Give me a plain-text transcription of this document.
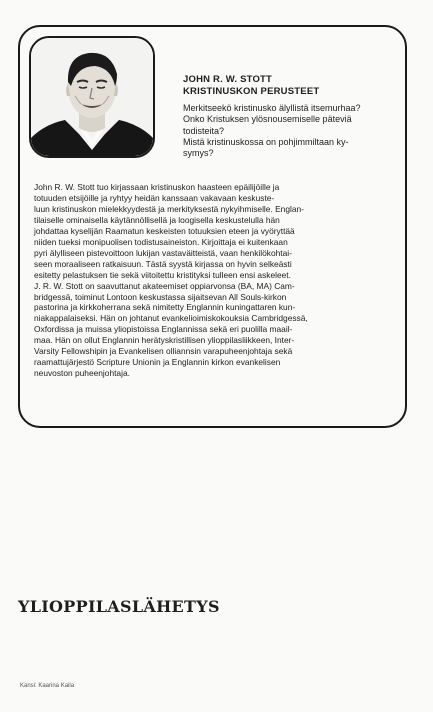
JOHN R. W. STOTT
KRISTINUSKON PERUSTEET
Merkitseekö kristinusko älyllistä itsemurhaa?
Onko Kristuksen ylösnousemiselle päteviä
todisteita?
Mistä kristinuskossa on pohjimmiltaan ky-
symys?
John R. W. Stott tuo kirjassaan kristinuskon haasteen epäilijöille ja
totuuden etsijöille ja ryhtyy heidän kanssaan vakavaan keskuste-
luun kristinuskon mielekkyydestä ja merkityksestä nykyihmiselle. Englan-
tilaiselle ominaisella käytännöllisellä ja loogisella keskustelulla hän
johdattaa kyselijän Raamatun keskeisten totuuksien eteen ja vyöryttää
niiden tueksi monipuolisen todistusaineiston. Kirjoittaja ei kuitenkaan
pyri älylliseen pistevoittoon lukijan vastaväitteistä, vaan henkilökohtai-
seen moraaliseen ratkaisuun. Tästä syystä kirjassa on hyvin selkeästi
esitetty pelastuksen tie sekä viitoitettu kristityksi tulleen ensi askeleet.
J. R. W. Stott on saavuttanut akateemiset oppiarvonsa (BA, MA) Cam-
bridgessä, toiminut Lontoon keskustassa sijaitsevan All Souls-kirkon
pastorina ja kirkkoherrana sekä nimitetty Englannin kuningattaren kun-
niakappalaiseksi. Hän on johtanut evankelioimiskokouksia Cambridgessä,
Oxfordissa ja muissa yliopistoissa Englannissa sekä eri puolilla maail-
maa. Hän on ollut Englannin herätyskristillisen ylioppilasliikkeen, Inter-
Varsity Fellowshipin ja Evankelisen olliannsin varapuheenjohtaja sekä
raamattujärjestö Scripture Unionin ja Englannin kirkon evankelisen
neuvoston puheenjohtaja.
YLIOPPILASLÄHETYS
Kansi: Kaarina Kaila
